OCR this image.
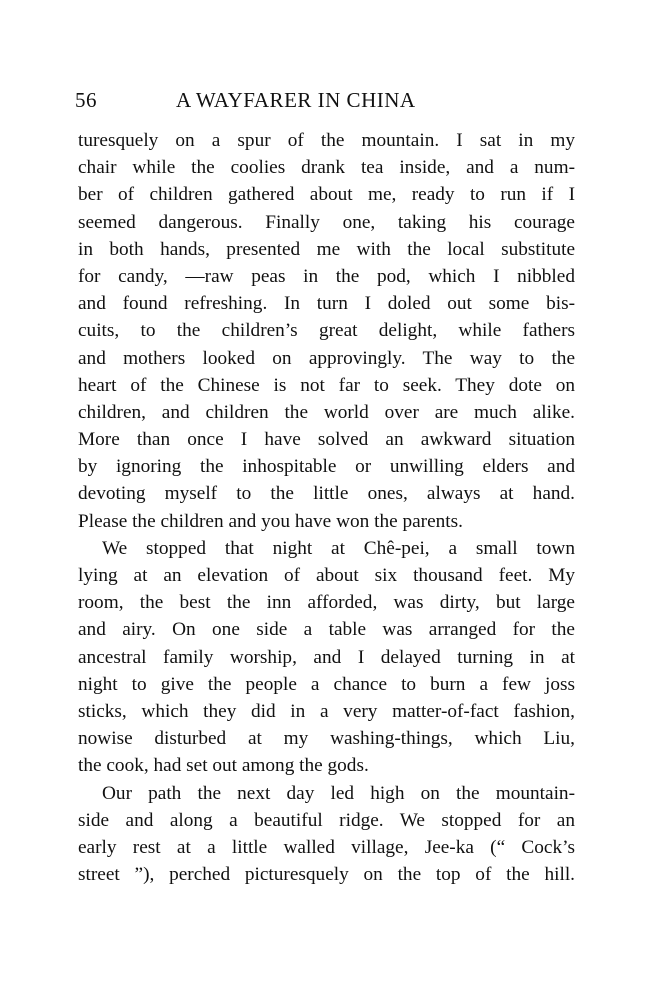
56	A WAYFARER IN CHINA
turesquely on a spur of the mountain. I sat in my
chair while the coolies drank tea inside, and a num-
ber of children gathered about me, ready to run if I
seemed dangerous. Finally one, taking his courage
in both hands, presented me with the local substitute
for candy, —raw peas in the pod, which I nibbled
and found refreshing. In turn I doled out some bis-
cuits, to the children’s great delight, while fathers
and mothers looked on approvingly. The way to the
heart of the Chinese is not far to seek. They dote on
children, and children the world over are much alike.
More than once I have solved an awkward situation
by ignoring the inhospitable or unwilling elders and
devoting myself to the little ones, always at hand.
Please the children and you have won the parents.
We stopped that night at Chê-pei, a small town
lying at an elevation of about six thousand feet. My
room, the best the inn afforded, was dirty, but large
and airy. On one side a table was arranged for the
ancestral family worship, and I delayed turning in at
night to give the people a chance to burn a few joss
sticks, which they did in a very matter-of-fact fashion,
nowise disturbed at my washing-things, which Liu,
the cook, had set out among the gods.
Our path the next day led high on the mountain-
side and along a beautiful ridge. We stopped for an
early rest at a little walled village, Jee-ka (“ Cock’s
street ”), perched picturesquely on the top of the hill.
